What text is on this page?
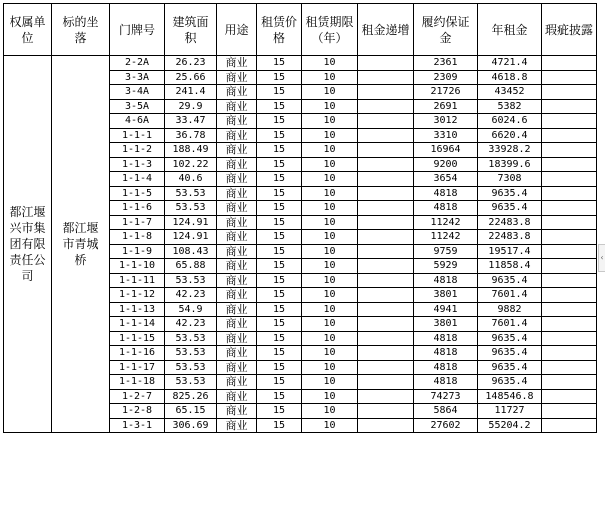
权属单位	标的坐落	门牌号	建筑面积	用途	租赁价格	租赁期限（年）	租金递增	履约保证金	年租金	瑕疵披露
都江堰兴市集团有限责任公司	都江堰市青城桥	2-2A	26.23	商业	15	10		2361	4721.4	
		3-3A	25.66	商业	15	10		2309	4618.8	
		3-4A	241.4	商业	15	10		21726	43452	
		3-5A	29.9	商业	15	10		2691	5382	
		4-6A	33.47	商业	15	10		3012	6024.6	
		1-1-1	36.78	商业	15	10		3310	6620.4	
		1-1-2	188.49	商业	15	10		16964	33928.2	
		1-1-3	102.22	商业	15	10		9200	18399.6	
		1-1-4	40.6	商业	15	10		3654	7308	
		1-1-5	53.53	商业	15	10		4818	9635.4	
		1-1-6	53.53	商业	15	10		4818	9635.4	
		1-1-7	124.91	商业	15	10		11242	22483.8	
		1-1-8	124.91	商业	15	10		11242	22483.8	
		1-1-9	108.43	商业	15	10		9759	19517.4	
		1-1-10	65.88	商业	15	10		5929	11858.4	
		1-1-11	53.53	商业	15	10		4818	9635.4	
		1-1-12	42.23	商业	15	10		3801	7601.4	
		1-1-13	54.9	商业	15	10		4941	9882	
		1-1-14	42.23	商业	15	10		3801	7601.4	
		1-1-15	53.53	商业	15	10		4818	9635.4	
		1-1-16	53.53	商业	15	10		4818	9635.4	
		1-1-17	53.53	商业	15	10		4818	9635.4	
		1-1-18	53.53	商业	15	10		4818	9635.4	
		1-2-7	825.26	商业	15	10		74273	148546.8	
		1-2-8	65.15	商业	15	10		5864	11727	
		1-3-1	306.69	商业	15	10		27602	55204.2	
‹
